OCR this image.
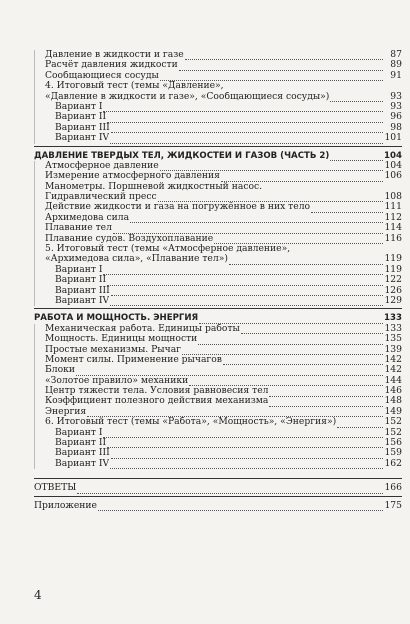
Давление в жидкости и газе	87
Расчёт давления жидкости	89
Сообщающиеся сосуды	91
4. Итоговый тест (темы «Давление»,
«Давление в жидкости и газе», «Сообщающиеся сосуды»)	93
Вариант I	93
Вариант II	96
Вариант III	98
Вариант IV	101
ДАВЛЕНИЕ ТВЁРДЫХ ТЕЛ, ЖИДКОСТЕЙ И ГАЗОВ (ЧАСТЬ 2)	104
Атмосферное давление	104
Измерение атмосферного давления	106
Манометры. Поршневой жидкостный насос.
Гидравлический пресс	108
Действие жидкости и газа на погружённое в них тело	111
Архимедова сила	112
Плавание тел	114
Плавание судов. Воздухоплавание	116
5. Итоговый тест (темы «Атмосферное давление»,
«Архимедова сила», «Плавание тел»)	119
Вариант I	119
Вариант II	122
Вариант III	126
Вариант IV	129
РАБОТА И МОЩНОСТЬ. ЭНЕРГИЯ	133
Механическая работа. Единицы работы	133
Мощность. Единицы мощности	135
Простые механизмы. Рычаг	139
Момент силы. Применение рычагов	142
Блоки	142
«Золотое правило» механики	144
Центр тяжести тела. Условия равновесия тел	146
Коэффициент полезного действия механизма	148
Энергия	149
6. Итоговый тест (темы «Работа», «Мощность», «Энергия»)	152
Вариант I	152
Вариант II	156
Вариант III	159
Вариант IV	162
ОТВЕТЫ	166
Приложение	175
4
